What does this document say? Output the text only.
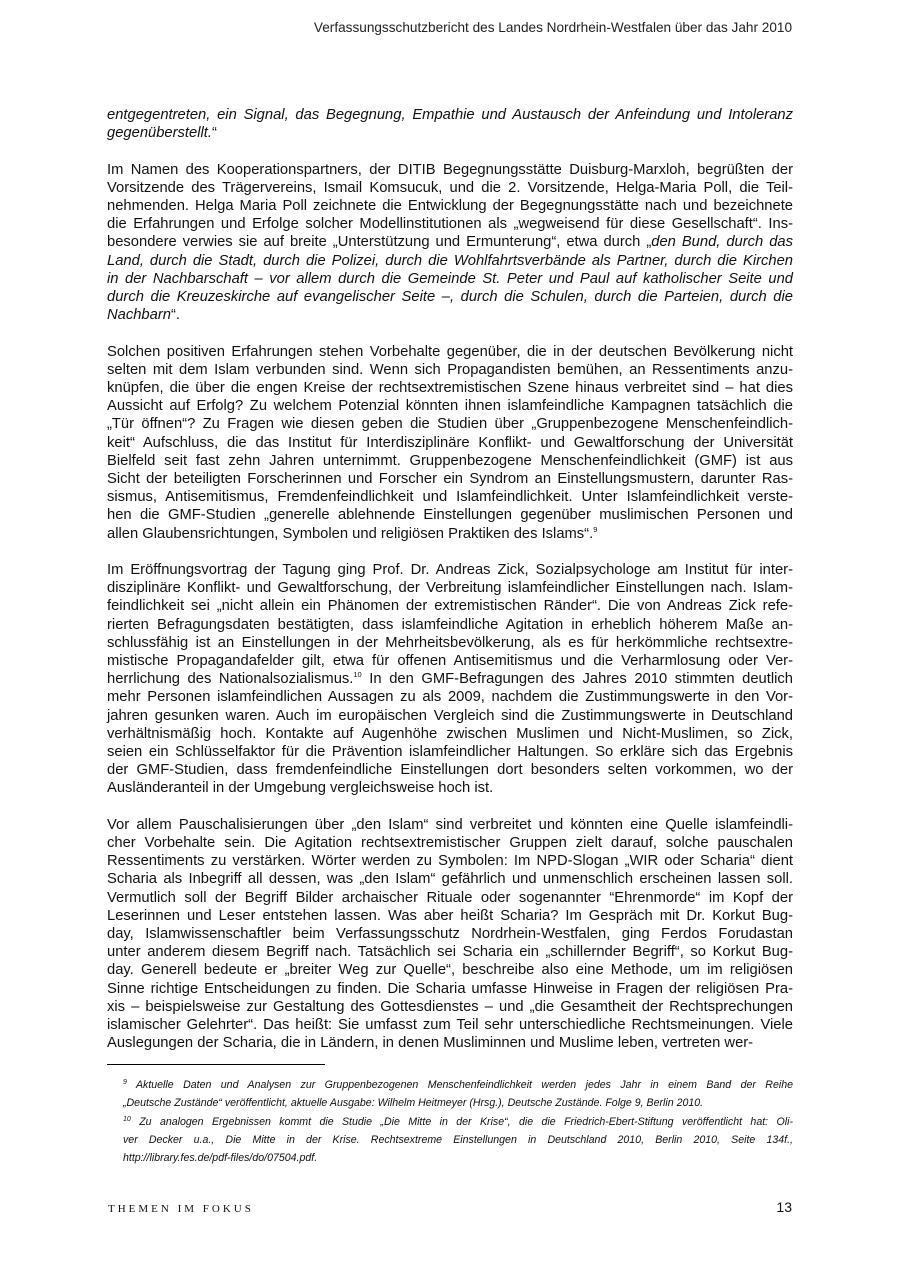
Verfassungsschutzbericht des Landes Nordrhein-Westfalen über das Jahr 2010
entgegentreten, ein Signal, das Begegnung, Empathie und Austausch der Anfeindung und Intoleranz
gegenüberstellt.“
Im Namen des Kooperationspartners, der DITIB Begegnungsstätte Duisburg-Marxloh, begrüßten der
Vorsitzende des Trägervereins, Ismail Komsucuk, und die 2. Vorsitzende, Helga-Maria Poll, die Teil-
nehmenden. Helga Maria Poll zeichnete die Entwicklung der Begegnungsstätte nach und bezeichnete
die Erfahrungen und Erfolge solcher Modellinstitutionen als „wegweisend für diese Gesellschaft“. Ins-
besondere verwies sie auf breite „Unterstützung und Ermunterung“, etwa durch „den Bund, durch das
Land, durch die Stadt, durch die Polizei, durch die Wohlfahrtsverbände als Partner, durch die Kirchen
in der Nachbarschaft – vor allem durch die Gemeinde St. Peter und Paul auf katholischer Seite und
durch die Kreuzeskirche auf evangelischer Seite –, durch die Schulen, durch die Parteien, durch die
Nachbarn“.
Solchen positiven Erfahrungen stehen Vorbehalte gegenüber, die in der deutschen Bevölkerung nicht
selten mit dem Islam verbunden sind. Wenn sich Propagandisten bemühen, an Ressentiments anzu-
knüpfen, die über die engen Kreise der rechtsextremistischen Szene hinaus verbreitet sind – hat dies
Aussicht auf Erfolg? Zu welchem Potenzial könnten ihnen islamfeindliche Kampagnen tatsächlich die
„Tür öffnen“? Zu Fragen wie diesen geben die Studien über „Gruppenbezogene Menschenfeindlich-
keit“ Aufschluss, die das Institut für Interdisziplinäre Konflikt- und Gewaltforschung der Universität
Bielfeld seit fast zehn Jahren unternimmt. Gruppenbezogene Menschenfeindlichkeit (GMF) ist aus
Sicht der beteiligten Forscherinnen und Forscher ein Syndrom an Einstellungsmustern, darunter Ras-
sismus, Antisemitismus, Fremdenfeindlichkeit und Islamfeindlichkeit. Unter Islamfeindlichkeit verste-
hen die GMF-Studien „generelle ablehnende Einstellungen gegenüber muslimischen Personen und
allen Glaubensrichtungen, Symbolen und religiösen Praktiken des Islams“.$^9$
Im Eröffnungsvortrag der Tagung ging Prof. Dr. Andreas Zick, Sozialpsychologe am Institut für inter-
disziplinäre Konflikt- und Gewaltforschung, der Verbreitung islamfeindlicher Einstellungen nach. Islam-
feindlichkeit sei „nicht allein ein Phänomen der extremistischen Ränder“. Die von Andreas Zick refe-
rierten Befragungsdaten bestätigten, dass islamfeindliche Agitation in erheblich höherem Maße an-
schlussfähig ist an Einstellungen in der Mehrheitsbevölkerung, als es für herkömmliche rechtsextre-
mistische Propagandafelder gilt, etwa für offenen Antisemitismus und die Verharmlosung oder Ver-
herrlichung des Nationalsozialismus.$^{10}$ In den GMF-Befragungen des Jahres 2010 stimmten deutlich
mehr Personen islamfeindlichen Aussagen zu als 2009, nachdem die Zustimmungswerte in den Vor-
jahren gesunken waren. Auch im europäischen Vergleich sind die Zustimmungswerte in Deutschland
verhältnismäßig hoch. Kontakte auf Augenhöhe zwischen Muslimen und Nicht-Muslimen, so Zick,
seien ein Schlüsselfaktor für die Prävention islamfeindlicher Haltungen. So erkläre sich das Ergebnis
der GMF-Studien, dass fremdenfeindliche Einstellungen dort besonders selten vorkommen, wo der
Ausländeranteil in der Umgebung vergleichsweise hoch ist.
Vor allem Pauschalisierungen über „den Islam“ sind verbreitet und könnten eine Quelle islamfeindli-
cher Vorbehalte sein. Die Agitation rechtsextremistischer Gruppen zielt darauf, solche pauschalen
Ressentiments zu verstärken. Wörter werden zu Symbolen: Im NPD-Slogan „WIR oder Scharia“ dient
Scharia als Inbegriff all dessen, was „den Islam“ gefährlich und unmenschlich erscheinen lassen soll.
Vermutlich soll der Begriff Bilder archaischer Rituale oder sogenannter “Ehrenmorde“ im Kopf der
Leserinnen und Leser entstehen lassen. Was aber heißt Scharia? Im Gespräch mit Dr. Korkut Bug-
day, Islamwissenschaftler beim Verfassungsschutz Nordrhein-Westfalen, ging Ferdos Forudastan
unter anderem diesem Begriff nach. Tatsächlich sei Scharia ein „schillernder Begriff“, so Korkut Bug-
day. Generell bedeute er „breiter Weg zur Quelle“, beschreibe also eine Methode, um im religiösen
Sinne richtige Entscheidungen zu finden. Die Scharia umfasse Hinweise in Fragen der religiösen Pra-
xis – beispielsweise zur Gestaltung des Gottesdienstes – und „die Gesamtheit der Rechtsprechungen
islamischer Gelehrter“. Das heißt: Sie umfasst zum Teil sehr unterschiedliche Rechtsmeinungen. Viele
Auslegungen der Scharia, die in Ländern, in denen Musliminnen und Muslime leben, vertreten wer-
$^9$ Aktuelle Daten und Analysen zur Gruppenbezogenen Menschenfeindlichkeit werden jedes Jahr in einem Band der Reihe
„Deutsche Zustände“ veröffentlicht, aktuelle Ausgabe: Wilhelm Heitmeyer (Hrsg.), Deutsche Zustände. Folge 9, Berlin 2010.
$^{10}$ Zu analogen Ergebnissen kommt die Studie „Die Mitte in der Krise“, die die Friedrich-Ebert-Stiftung veröffentlicht hat: Oli-
ver Decker u.a., Die Mitte in der Krise. Rechtsextreme Einstellungen in Deutschland 2010, Berlin 2010, Seite 134f.,
http://library.fes.de/pdf-files/do/07504.pdf.
THEMEN IM FOKUS	13
